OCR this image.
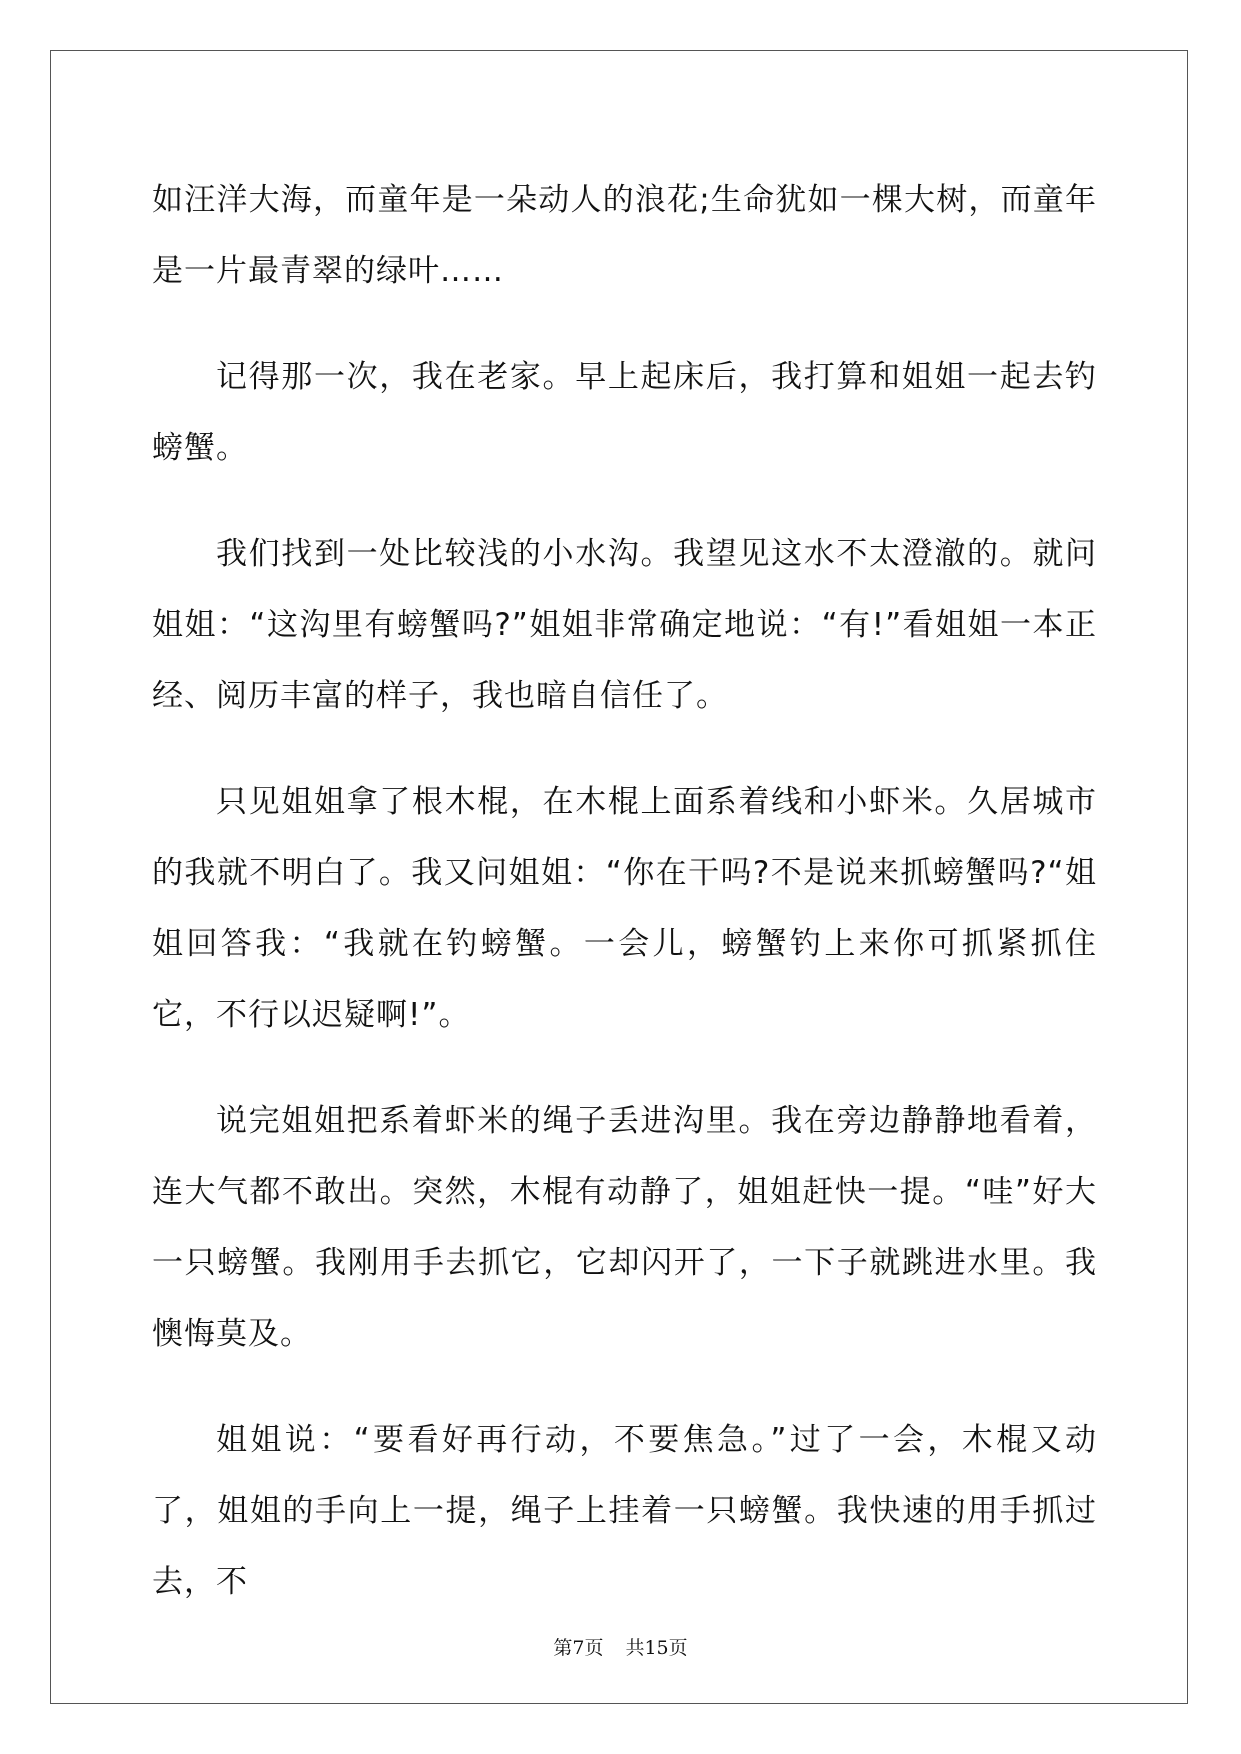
如汪洋大海，而童年是一朵动人的浪花;生命犹如一棵大树，而童年是一片最青翠的绿叶……

记得那一次，我在老家。早上起床后，我打算和姐姐一起去钓螃蟹。

我们找到一处比较浅的小水沟。我望见这水不太澄澈的。就问姐姐：“这沟里有螃蟹吗?”姐姐非常确定地说：“有!”看姐姐一本正经、阅历丰富的样子，我也暗自信任了。

只见姐姐拿了根木棍，在木棍上面系着线和小虾米。久居城市的我就不明白了。我又问姐姐：“你在干吗?不是说来抓螃蟹吗?“姐姐回答我：“我就在钓螃蟹。一会儿，螃蟹钓上来你可抓紧抓住它，不行以迟疑啊!”。

说完姐姐把系着虾米的绳子丢进沟里。我在旁边静静地看着，连大气都不敢出。突然，木棍有动静了，姐姐赶快一提。“哇”好大一只螃蟹。我刚用手去抓它，它却闪开了，一下子就跳进水里。我懊悔莫及。

姐姐说：“要看好再行动，不要焦急。”过了一会，木棍又动了，姐姐的手向上一提，绳子上挂着一只螃蟹。我快速的用手抓过去，不

第7页 共15页
